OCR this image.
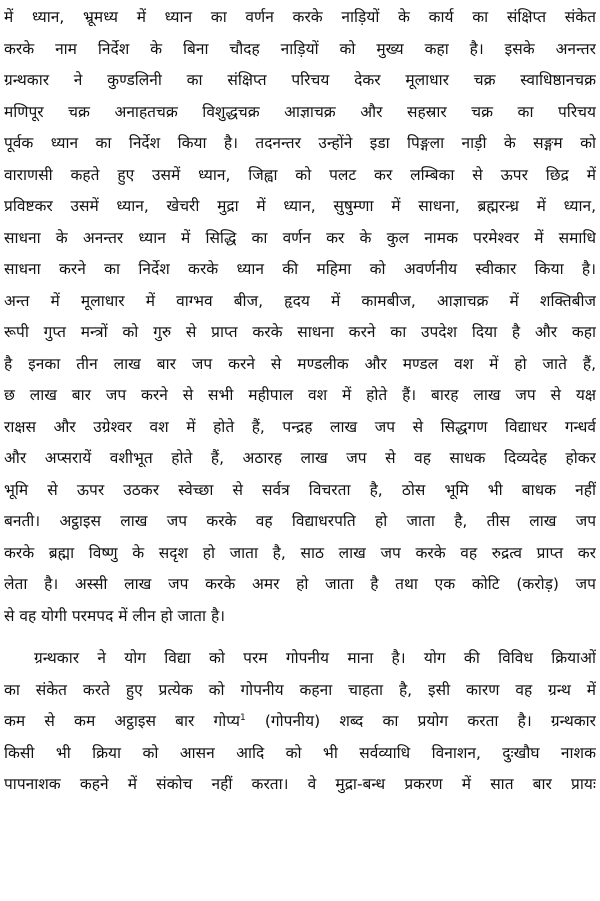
में ध्यान, भ्रूमध्य में ध्यान का वर्णन करके नाड़ियों के कार्य का संक्षिप्त संकेत
करके नाम निर्देश के बिना चौदह नाड़ियों को मुख्य कहा है। इसके अनन्तर
ग्रन्थकार ने कुण्डलिनी का संक्षिप्त परिचय देकर मूलाधार चक्र स्वाधिष्ठानचक्र
मणिपूर चक्र अनाहतचक्र विशुद्धचक्र आज्ञाचक्र और सहस्रार चक्र का परिचय
पूर्वक ध्यान का निर्देश किया है। तदनन्तर उन्होंने इडा पिङ्गला नाड़ी के सङ्गम को
वाराणसी कहते हुए उसमें ध्यान, जिह्वा को पलट कर लम्बिका से ऊपर छिद्र में
प्रविष्टकर उसमें ध्यान, खेचरी मुद्रा में ध्यान, सुषुम्णा में साधना, ब्रह्मरन्ध्र में ध्यान,
साधना के अनन्तर ध्यान में सिद्धि का वर्णन कर के कुल नामक परमेश्वर में समाधि
साधना करने का निर्देश करके ध्यान की महिमा को अवर्णनीय स्वीकार किया है।
अन्त में मूलाधार में वाग्भव बीज, हृदय में कामबीज, आज्ञाचक्र में शक्तिबीज
रूपी गुप्त मन्त्रों को गुरु से प्राप्त करके साधना करने का उपदेश दिया है और कहा
है इनका तीन लाख बार जप करने से मण्डलीक और मण्डल वश में हो जाते हैं,
छ लाख बार जप करने से सभी महीपाल वश में होते हैं। बारह लाख जप से यक्ष
राक्षस और उग्रेश्वर वश में होते हैं, पन्द्रह लाख जप से सिद्धगण विद्याधर गन्धर्व
और अप्सरायें वशीभूत होते हैं, अठारह लाख जप से वह साधक दिव्यदेह होकर
भूमि से ऊपर उठकर स्वेच्छा से सर्वत्र विचरता है, ठोस भूमि भी बाधक नहीं
बनती। अट्ठाइस लाख जप करके वह विद्याधरपति हो जाता है, तीस लाख जप
करके ब्रह्मा विष्णु के सदृश हो जाता है, साठ लाख जप करके वह रुद्रत्व प्राप्त कर
लेता है। अस्सी लाख जप करके अमर हो जाता है तथा एक कोटि (करोड़) जप
से वह योगी परमपद में लीन हो जाता है।
ग्रन्थकार ने योग विद्या को परम गोपनीय माना है। योग की विविध क्रियाओं
का संकेत करते हुए प्रत्येक को गोपनीय कहना चाहता है, इसी कारण वह ग्रन्थ में
कम से कम अट्ठाइस बार गोप्य$^1$ (गोपनीय) शब्द का प्रयोग करता है। ग्रन्थकार
किसी भी क्रिया को आसन आदि को भी सर्वव्याधि विनाशन, दुःखौघ नाशक
पापनाशक कहने में संकोच नहीं करता। वे मुद्रा-बन्ध प्रकरण में सात बार प्रायः
